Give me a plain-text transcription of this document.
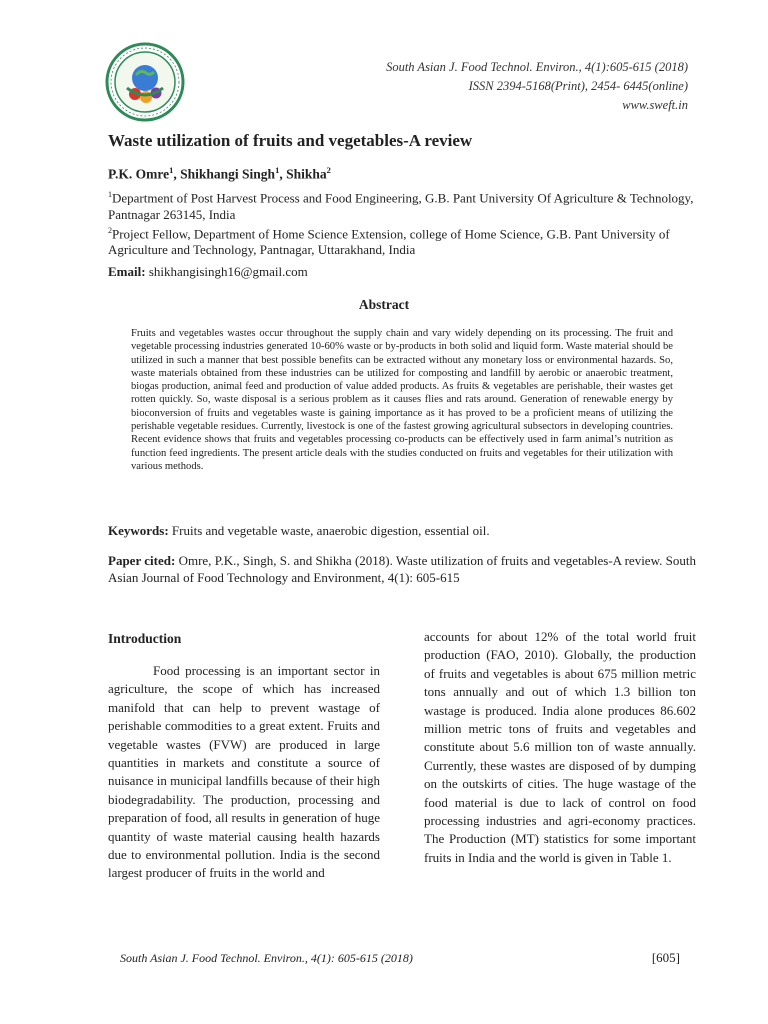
South Asian J. Food Technol. Environ., 4(1):605-615 (2018)
ISSN 2394-5168(Print), 2454- 6445(online)
www.sweft.in
Waste utilization of fruits and vegetables-A review
P.K. Omre$^1$, Shikhangi Singh$^1$, Shikha$^2$

$^1$Department of Post Harvest Process and Food Engineering, G.B. Pant University Of Agriculture & Technology, Pantnagar 263145, India

$^2$Project Fellow, Department of Home Science Extension, college of Home Science, G.B. Pant University of Agriculture and Technology, Pantnagar, Uttarakhand, India

Email: shikhangisingh16@gmail.com
Abstract

Fruits and vegetables wastes occur throughout the supply chain and vary widely depending on its processing. The fruit and vegetable processing industries generated 10-60% waste or by-products in both solid and liquid form. Waste material should be utilized in such a manner that best possible benefits can be extracted without any monetary loss or environmental hazards. So, waste materials obtained from these industries can be utilized for composting and landfill by aerobic or anaerobic treatment, biogas production, animal feed and production of value added products. As fruits & vegetables are perishable, their wastes get rotten quickly. So, waste disposal is a serious problem as it causes flies and rats around. Generation of renewable energy by bioconversion of fruits and vegetables waste is gaining importance as it has proved to be a proficient means of utilizing the perishable vegetable residues. Currently, livestock is one of the fastest growing agricultural subsectors in developing countries. Recent evidence shows that fruits and vegetables processing co-products can be effectively used in farm animal’s nutrition as function feed ingredients. The present article deals with the studies conducted on fruits and vegetables for their utilization with various methods.

Keywords: Fruits and vegetable waste, anaerobic digestion, essential oil.

Paper cited: Omre, P.K., Singh, S. and Shikha (2018). Waste utilization of fruits and vegetables-A review. South Asian Journal of Food Technology and Environment, 4(1): 605-615

Introduction

Food processing is an important sector in agriculture, the scope of which has increased manifold that can help to prevent wastage of perishable commodities to a great extent. Fruits and vegetable wastes (FVW) are produced in large quantities in markets and constitute a source of nuisance in municipal landfills because of their high biodegradability. The production, processing and preparation of food, all results in generation of huge quantity of waste material causing health hazards due to environmental pollution. India is the second largest producer of fruits in the world and

accounts for about 12% of the total world fruit production (FAO, 2010). Globally, the production of fruits and vegetables is about 675 million metric tons annually and out of which 1.3 billion ton wastage is produced. India alone produces 86.602 million metric tons of fruits and vegetables and constitute about 5.6 million ton of waste annually. Currently, these wastes are disposed of by dumping on the outskirts of cities. The huge wastage of the food material is due to lack of control on food processing industries and agri-economy practices. The Production (MT) statistics for some important fruits in India and the world is given in Table 1.

South Asian J. Food Technol. Environ., 4(1): 605-615 (2018)	[605]
